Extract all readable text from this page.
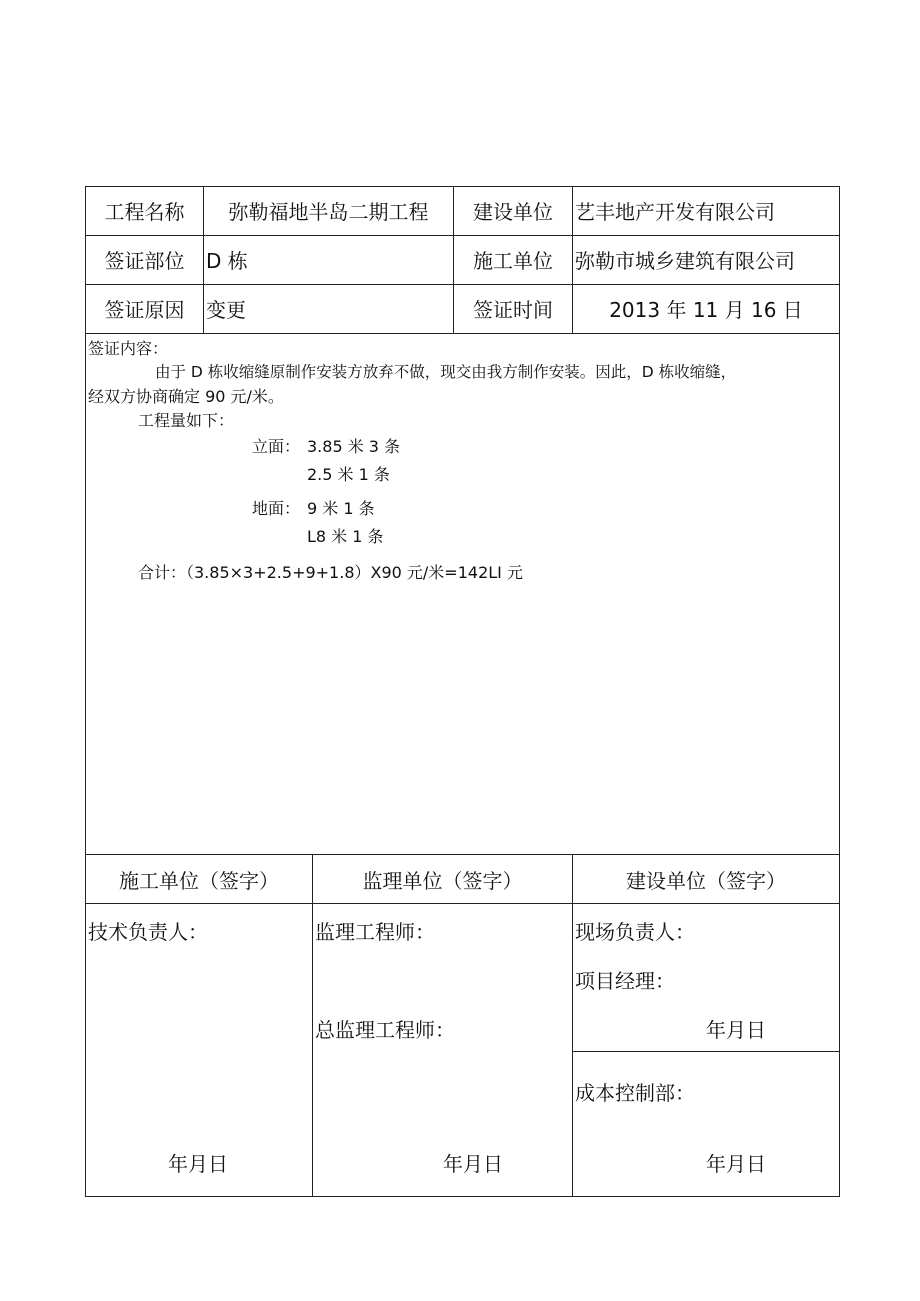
工程名称	弥勒福地半岛二期工程	建设单位	艺丰地产开发有限公司
签证部位	D 栋	施工单位	弥勒市城乡建筑有限公司
签证原因	变更	签证时间	2013 年 11 月 16 日
签证内容：
由于 D 栋收缩缝原制作安装方放弃不做，现交由我方制作安装。因此，D 栋收缩缝，
经双方协商确定 90 元/米。
工程量如下：
立面： 3.85 米 3 条
2.5 米 1 条
地面： 9 米 1 条
L8 米 1 条
合计：（3.85×3+2.5+9+1.8）X90 元/米=142LI 元
施工单位（签字）	监理单位（签字）	建设单位（签字）
技术负责人：
年月日
监理工程师：
总监理工程师：
年月日
现场负责人：
项目经理：
年月日
成本控制部：
年月日
